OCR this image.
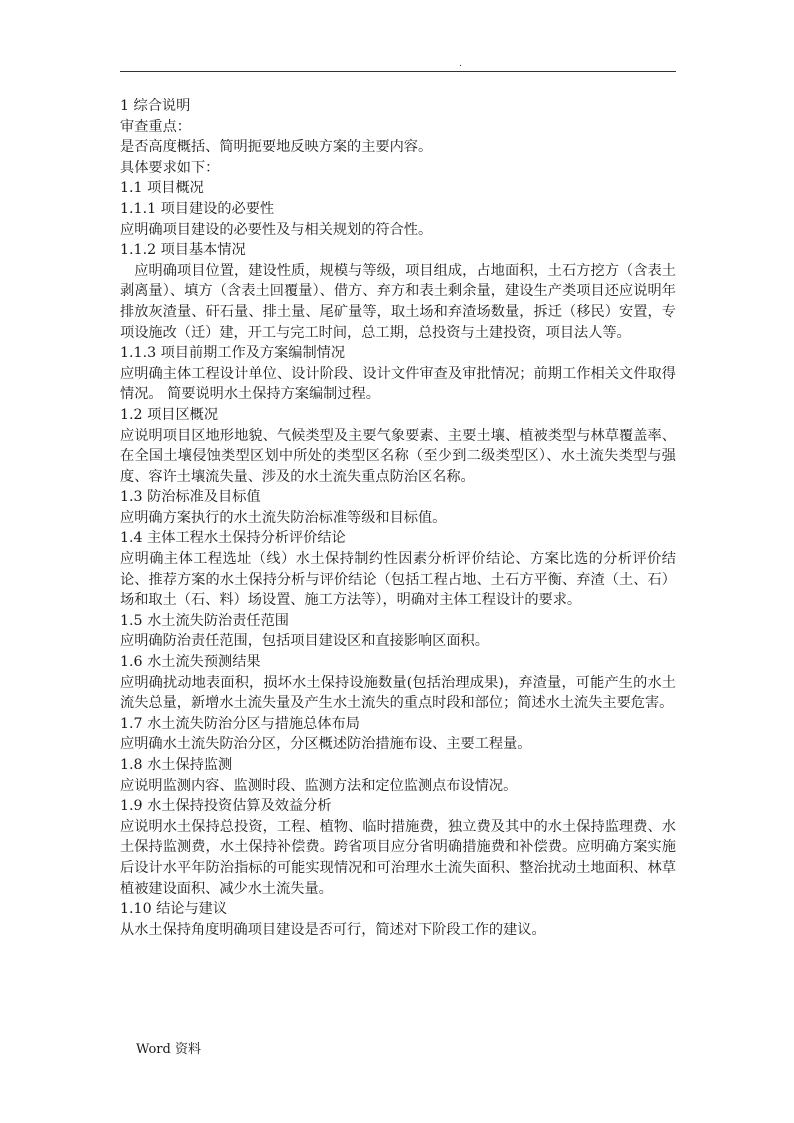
.

1 综合说明

审查重点：

是否高度概括、简明扼要地反映方案的主要内容。

具体要求如下：

1.1 项目概况

1.1.1 项目建设的必要性

应明确项目建设的必要性及与相关规划的符合性。

1.1.2 项目基本情况

应明确项目位置，建设性质，规模与等级，项目组成，占地面积，土石方挖方（含表土剥离量）、填方（含表土回覆量）、借方、弃方和表土剩余量，建设生产类项目还应说明年排放灰渣量、矸石量、排土量、尾矿量等，取土场和弃渣场数量，拆迁（移民）安置，专项设施改（迁）建，开工与完工时间，总工期，总投资与土建投资，项目法人等。

1.1.3 项目前期工作及方案编制情况

应明确主体工程设计单位、设计阶段、设计文件审查及审批情况；前期工作相关文件取得情况。 简要说明水土保持方案编制过程。

1.2 项目区概况

应说明项目区地形地貌、气候类型及主要气象要素、主要土壤、植被类型与林草覆盖率、在全国土壤侵蚀类型区划中所处的类型区名称（至少到二级类型区）、水土流失类型与强度、容许土壤流失量、涉及的水土流失重点防治区名称。

1.3 防治标准及目标值

应明确方案执行的水土流失防治标准等级和目标值。

1.4 主体工程水土保持分析评价结论

应明确主体工程选址（线）水土保持制约性因素分析评价结论、方案比选的分析评价结论、推荐方案的水土保持分析与评价结论（包括工程占地、土石方平衡、弃渣（土、石）场和取土（石、料）场设置、施工方法等），明确对主体工程设计的要求。

1.5 水土流失防治责任范围

应明确防治责任范围，包括项目建设区和直接影响区面积。

1.6 水土流失预测结果

应明确扰动地表面积，损坏水土保持设施数量(包括治理成果)，弃渣量，可能产生的水土流失总量，新增水土流失量及产生水土流失的重点时段和部位；简述水土流失主要危害。

1.7 水土流失防治分区与措施总体布局

应明确水土流失防治分区，分区概述防治措施布设、主要工程量。

1.8 水土保持监测

应说明监测内容、监测时段、监测方法和定位监测点布设情况。

1.9 水土保持投资估算及效益分析

应说明水土保持总投资，工程、植物、临时措施费，独立费及其中的水土保持监理费、水土保持监测费，水土保持补偿费。跨省项目应分省明确措施费和补偿费。应明确方案实施后设计水平年防治指标的可能实现情况和可治理水土流失面积、整治扰动土地面积、林草植被建设面积、减少水土流失量。

1.10 结论与建议

从水土保持角度明确项目建设是否可行，简述对下阶段工作的建议。

Word 资料
